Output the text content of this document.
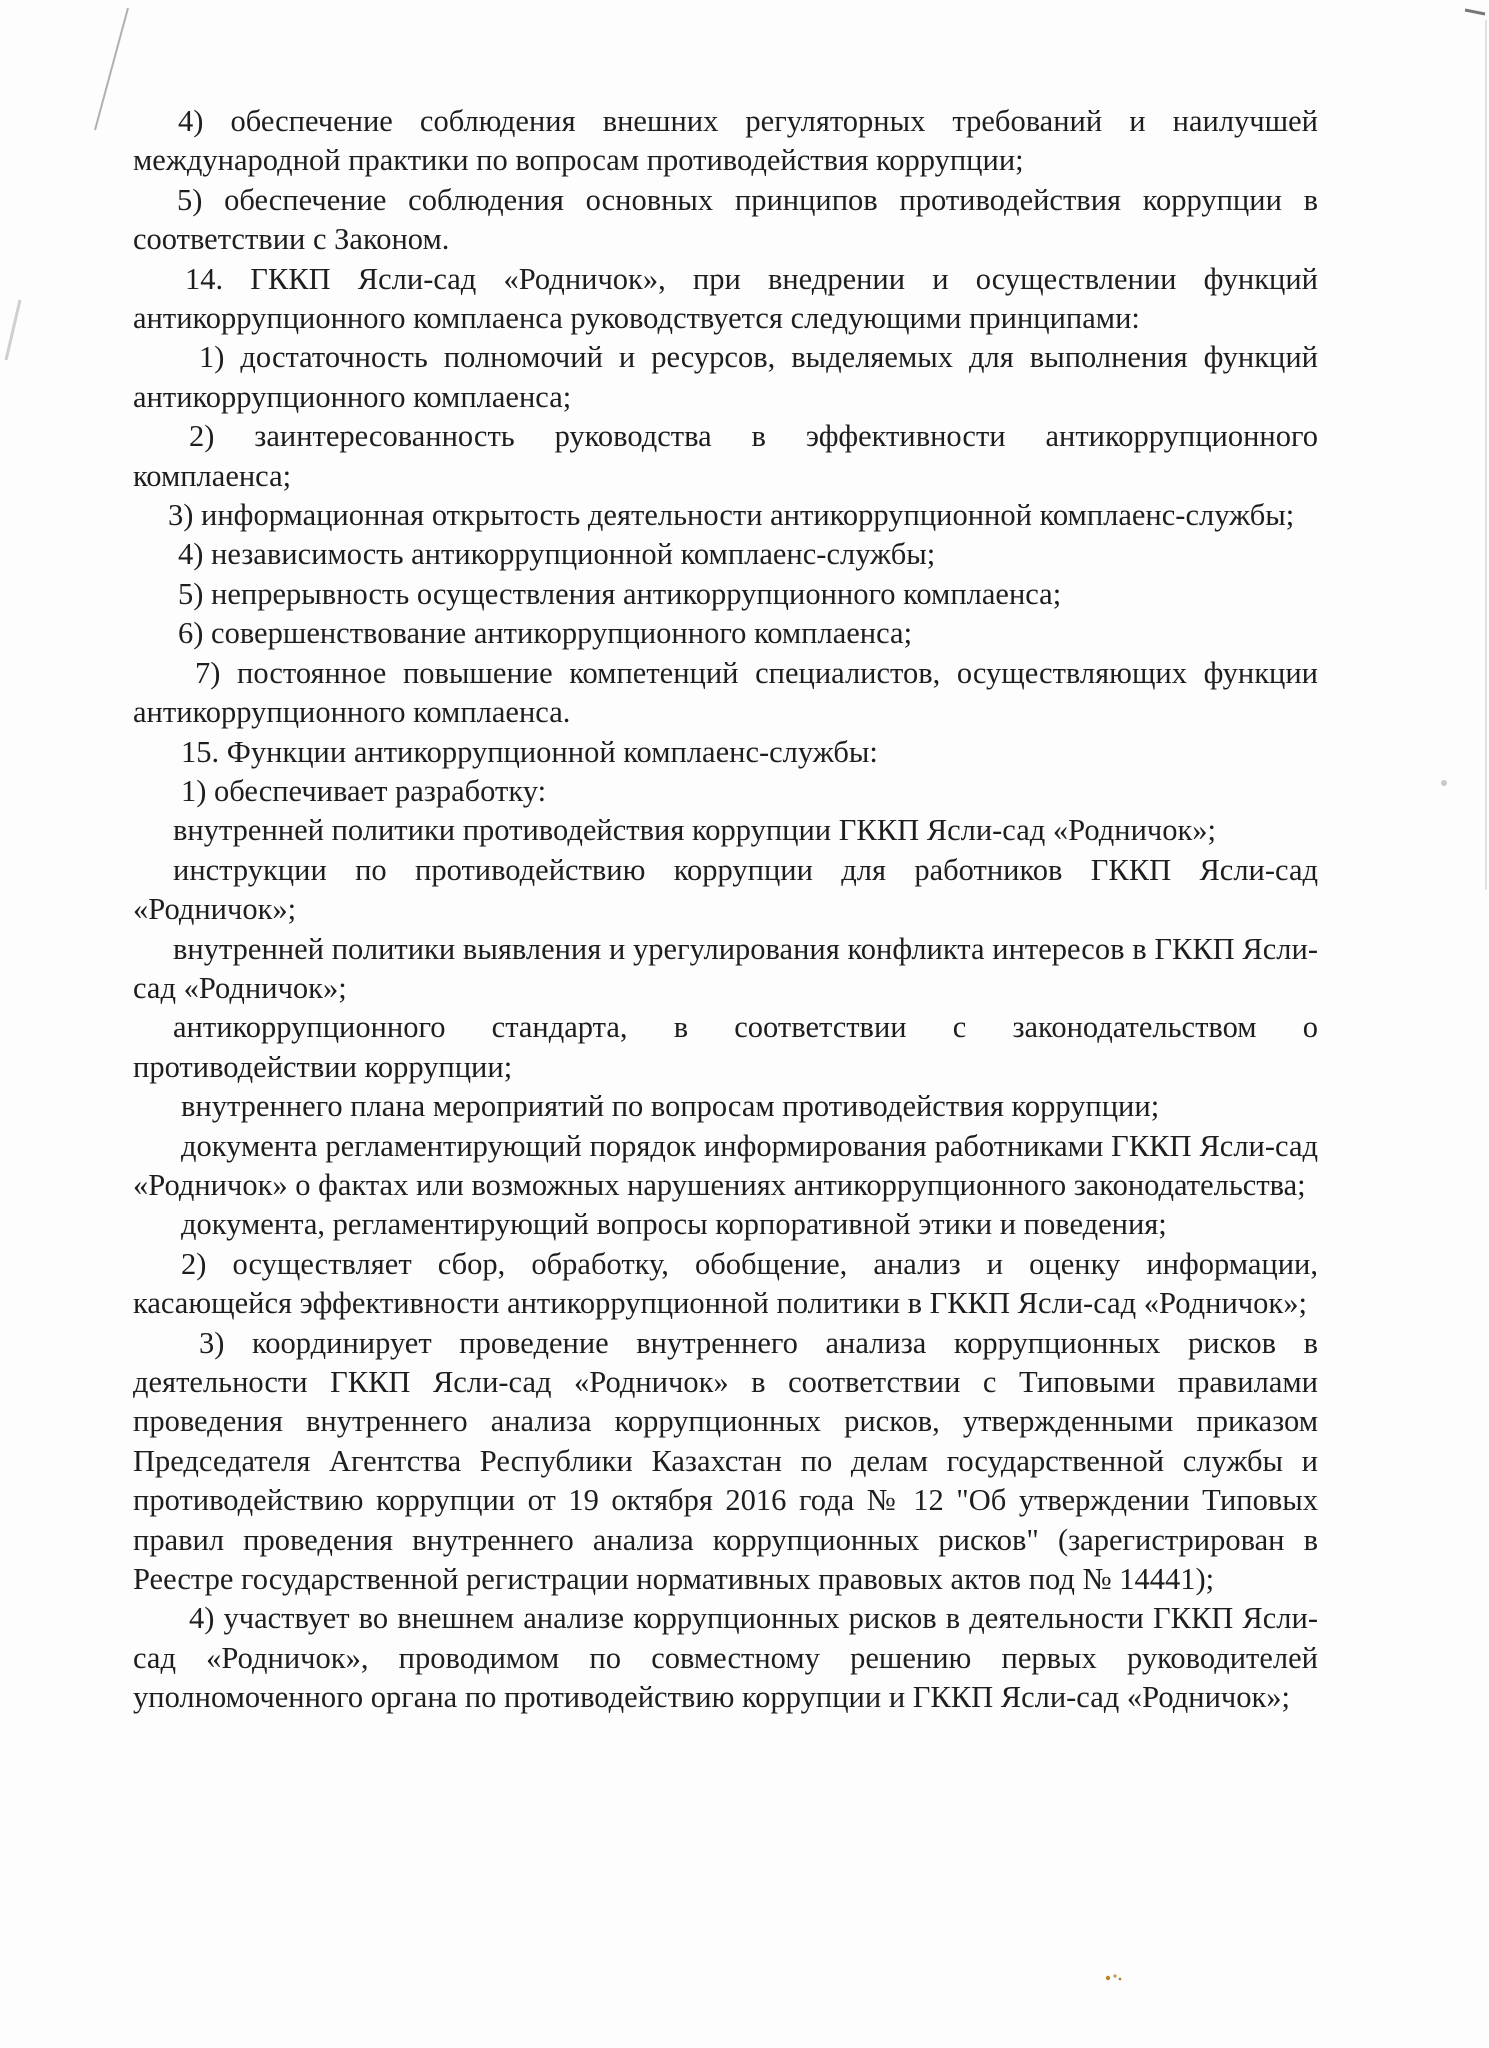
4) обеспечение соблюдения внешних регуляторных требований и наилучшей международной практики по вопросам противодействия коррупции;

5) обеспечение соблюдения основных принципов противодействия коррупции в соответствии с Законом.

14. ГККП Ясли-сад «Родничок», при внедрении и осуществлении функций антикоррупционного комплаенса руководствуется следующими принципами:

1) достаточность полномочий и ресурсов, выделяемых для выполнения функций антикоррупционного комплаенса;

2) заинтересованность руководства в эффективности антикоррупционного комплаенса;

3) информационная открытость деятельности антикоррупционной комплаенс-службы;

4) независимость антикоррупционной комплаенс-службы;

5) непрерывность осуществления антикоррупционного комплаенса;

6) совершенствование антикоррупционного комплаенса;

7) постоянное повышение компетенций специалистов, осуществляющих функции антикоррупционного комплаенса.

15. Функции антикоррупционной комплаенс-службы:

1) обеспечивает разработку:

внутренней политики противодействия коррупции ГККП Ясли-сад «Родничок»;

инструкции по противодействию коррупции для работников ГККП Ясли-сад «Родничок»;

внутренней политики выявления и урегулирования конфликта интересов в ГККП Ясли-сад «Родничок»;

антикоррупционного стандарта, в соответствии с законодательством о противодействии коррупции;

внутреннего плана мероприятий по вопросам противодействия коррупции;

документа регламентирующий порядок информирования работниками ГККП Ясли-сад «Родничок» о фактах или возможных нарушениях антикоррупционного законодательства;

документа, регламентирующий вопросы корпоративной этики и поведения;

2) осуществляет сбор, обработку, обобщение, анализ и оценку информации, касающейся эффективности антикоррупционной политики в ГККП Ясли-сад «Родничок»;

3) координирует проведение внутреннего анализа коррупционных рисков в деятельности ГККП Ясли-сад «Родничок» в соответствии с Типовыми правилами проведения внутреннего анализа коррупционных рисков, утвержденными приказом Председателя Агентства Республики Казахстан по делам государственной службы и противодействию коррупции от 19 октября 2016 года № 12 "Об утверждении Типовых правил проведения внутреннего анализа коррупционных рисков" (зарегистрирован в Реестре государственной регистрации нормативных правовых актов под № 14441);

4) участвует во внешнем анализе коррупционных рисков в деятельности ГККП Ясли-сад «Родничок», проводимом по совместному решению первых руководителей уполномоченного органа по противодействию коррупции и ГККП Ясли-сад «Родничок»;
